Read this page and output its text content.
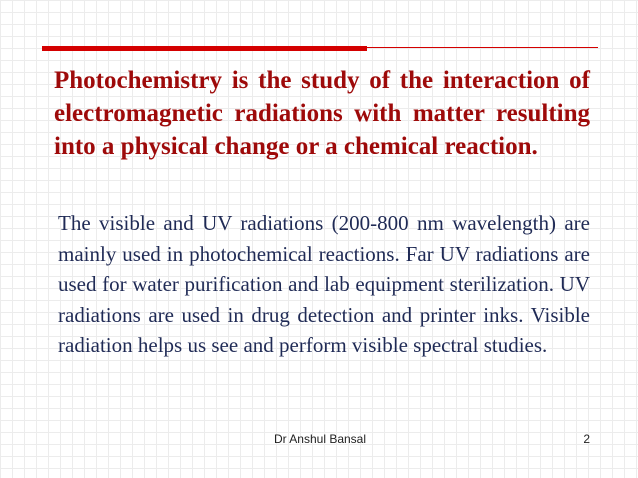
Photochemistry is the study of the interaction of electromagnetic radiations with matter resulting into a physical change or a chemical reaction.

The visible and UV radiations (200-800 nm wavelength) are mainly used in photochemical reactions. Far UV radiations are used for water purification and lab equipment sterilization. UV radiations are used in drug detection and printer inks. Visible radiation helps us see and perform visible spectral studies.

Dr Anshul Bansal	2
